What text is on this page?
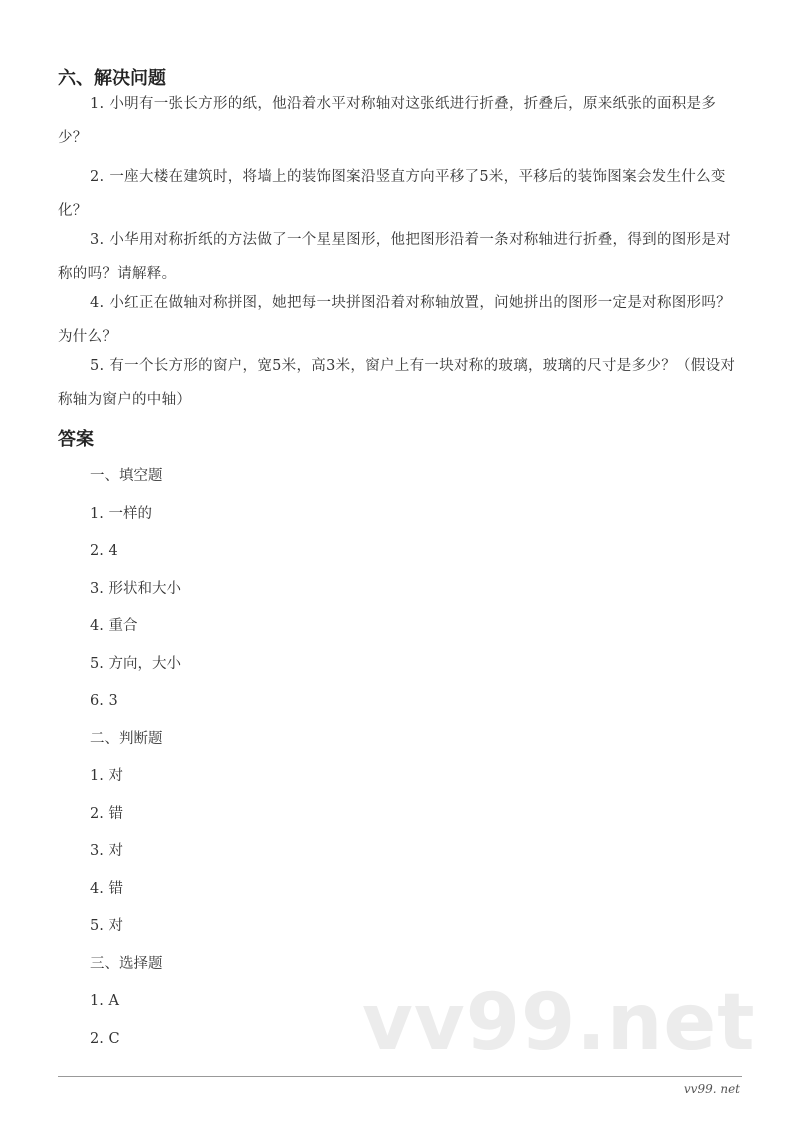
六、解决问题
1. 小明有一张长方形的纸，他沿着水平对称轴对这张纸进行折叠，折叠后，原来纸张的面积是多少？
2. 一座大楼在建筑时，将墙上的装饰图案沿竖直方向平移了5米，平移后的装饰图案会发生什么变化？
3. 小华用对称折纸的方法做了一个星星图形，他把图形沿着一条对称轴进行折叠，得到的图形是对称的吗？请解释。
4. 小红正在做轴对称拼图，她把每一块拼图沿着对称轴放置，问她拼出的图形一定是对称图形吗？为什么？
5. 有一个长方形的窗户，宽5米，高3米，窗户上有一块对称的玻璃，玻璃的尺寸是多少？（假设对称轴为窗户的中轴）
答案
一、填空题
1. 一样的
2. 4
3. 形状和大小
4. 重合
5. 方向，大小
6. 3
二、判断题
1. 对
2. 错
3. 对
4. 错
5. 对
三、选择题
1. A
2. C	vv99.net
vv99. net
